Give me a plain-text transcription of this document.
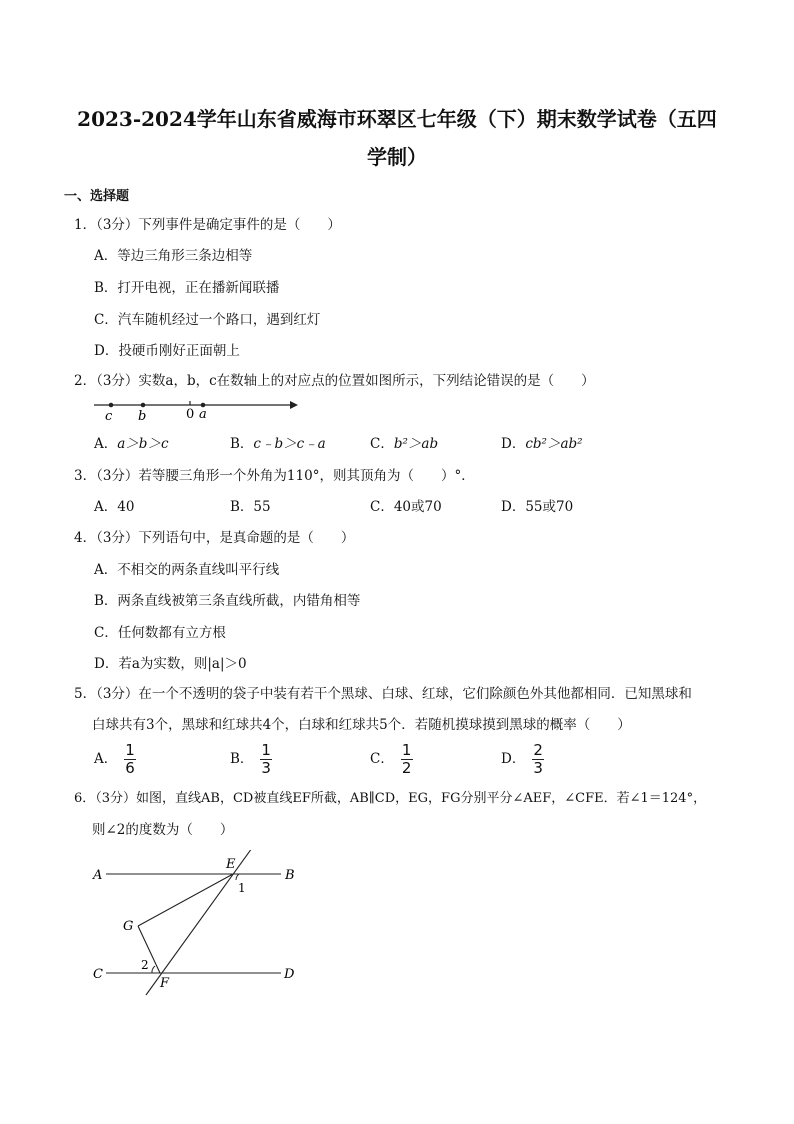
2023-2024学年山东省威海市环翠区七年级（下）期末数学试卷（五四学制）
一、选择题
1．（3分）下列事件是确定事件的是（　　）
A．等边三角形三条边相等
B．打开电视，正在播新闻联播
C．汽车随机经过一个路口，遇到红灯
D．投硬币刚好正面朝上
2．（3分）实数a，b，c在数轴上的对应点的位置如图所示，下列结论错误的是（　　）
c b	0 a
A．a＞b＞c	B．c﹣b＞c﹣a	C．b²＞ab	D．cb²＞ab²
3．（3分）若等腰三角形一个外角为110°，则其顶角为（　　）°．
A．40	B．55	C．40或70	D．55或70
4．（3分）下列语句中，是真命题的是（　　）
A．不相交的两条直线叫平行线
B．两条直线被第三条直线所截，内错角相等
C．任何数都有立方根
D．若a为实数，则|a|＞0
5．（3分）在一个不透明的袋子中装有若干个黑球、白球、红球，它们除颜色外其他都相同．已知黑球和
白球共有3个，黑球和红球共4个，白球和红球共5个．若随机摸球摸到黑球的概率（　　）
A． $\frac{1}{6}$	B． $\frac{1}{3}$	C． $\frac{1}{2}$	D． $\frac{2}{3}$
6．（3分）如图，直线AB，CD被直线EF所截，AB∥CD，EG，FG分别平分∠AEF，∠CFE．若∠1＝124°，
则∠2的度数为（　　）
A	B
C	D
E
F
G
1
2
